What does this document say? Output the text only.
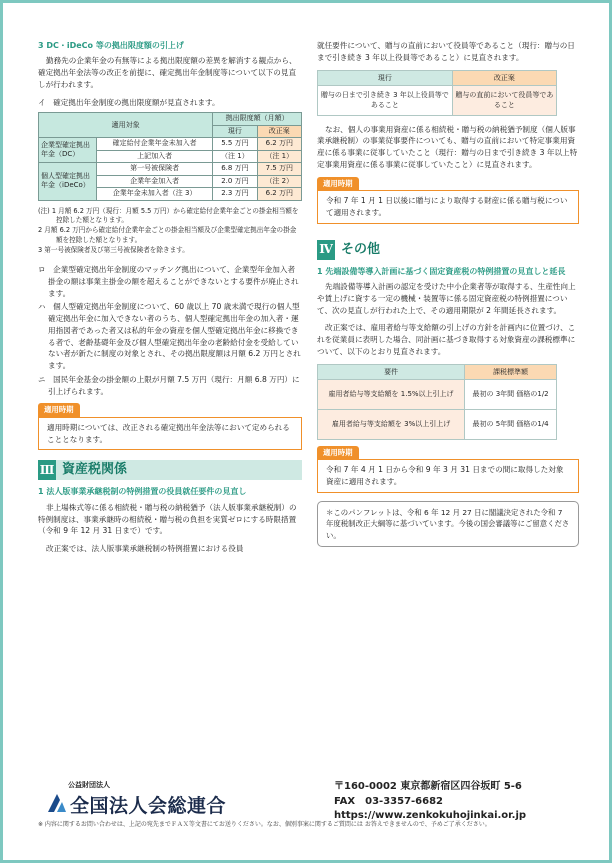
3 DC・iDeCo 等の拠出限度額の引上げ
勤務先の企業年金の有無等による拠出限度額の差異を解消する観点から、確定拠出年金法等の改正を前提に、確定拠出年金制度等について以下の見直しが行われます。
イ　確定拠出年金制度の拠出限度額が見直されます。
適用対象		拠出限度額（月額）	
		現行	改正案
企業型確定拠出年金（DC）	確定給付企業年金未加入者	5.5 万円	6.2 万円
	上記加入者	（注 1）	（注 1）
個人型確定拠出年金（iDeCo）	第一号被保険者	6.8 万円	7.5 万円
	企業年金加入者	2.0 万円	（注 2）
	企業年金未加入者（注 3）	2.3 万円	6.2 万円
(注) 1 月額 6.2 万円（現行：月額 5.5 万円）から確定給付企業年金ごとの掛金相当額を控除した額となります。
2 月額 6.2 万円から確定給付企業年金ごとの掛金相当額及び企業型確定拠出年金の掛金額を控除した額となります。
3 第一号被保険者及び第三号被保険者を除きます。
ロ　企業型確定拠出年金制度のマッチング拠出について、企業型年金加入者掛金の額は事業主掛金の額を超えることができないとする要件が廃止されます。
ハ　個人型確定拠出年金制度について、60 歳以上 70 歳未満で現行の個人型確定拠出年金に加入できない者のうち、個人型確定拠出年金の加入者・運用指図者であった者又は私的年金の資産を個人型確定拠出年金に移換できる者で、老齢基礎年金及び個人型確定拠出年金の老齢給付金を受給していない者が新たに制度の対象とされ、その拠出限度額は月額 6.2 万円とされます。
ニ　国民年金基金の掛金額の上限が月額 7.5 万円（現行：月額 6.8 万円）に引上げられます。
適用時期
適用時期については、改正される確定拠出年金法等において定められることとなります。
Ⅲ 資産税関係
1 法人版事業承継税制の特例措置の役員就任要件の見直し
非上場株式等に係る相続税・贈与税の納税猶予（法人版事業承継税制）の特例制度は、事業承継時の相続税・贈与税の負担を実質ゼロにする時限措置（令和 9 年 12 月 31 日まで）です。
改正案では、法人版事業承継税制の特例措置における役員
就任要件について、贈与の直前において役員等であること（現行：贈与の日まで引き続き 3 年以上役員等であること）に見直されます。
現行	改正案
贈与の日まで引き続き 3 年以上役員等であること	贈与の直前において役員等であること
なお、個人の事業用資産に係る相続税・贈与税の納税猶予制度（個人版事業承継税制）の事業従事要件についても、贈与の直前において特定事業用資産に係る事業に従事していたこと（現行：贈与の日まで引き続き 3 年以上特定事業用資産に係る事業に従事していたこと）に見直されます。
適用時期
令和 7 年 1 月 1 日以後に贈与により取得する財産に係る贈与税について適用されます。
Ⅳ その他
1 先端設備等導入計画に基づく固定資産税の特例措置の見直しと延長
先端設備等導入計画の認定を受けた中小企業者等が取得する、生産性向上や賃上げに資する一定の機械・装置等に係る固定資産税の特例措置について、次の見直しが行われた上で、その適用期限が 2 年間延長されます。
改正案では、雇用者給与等支給額の引上げの方針を計画内に位置づけ、これを従業員に表明した場合、同計画に基づき取得する対象資産の課税標準について、以下のとおり見直されます。
要件	課税標準額
雇用者給与等支給額を 1.5%以上引上げ	最初の 3年間 価格の1/2
雇用者給与等支給額を 3%以上引上げ	最初の 5年間 価格の1/4
適用時期
令和 7 年 4 月 1 日から令和 9 年 3 月 31 日までの間に取得した対象資産に適用されます。
＊このパンフレットは、令和 6 年 12 月 27 日に閣議決定された令和 7 年度税制改正大綱等に基づいています。今後の国会審議等にご留意ください。
公益財団法人
全国法人会総連合
〒160-0002 東京都新宿区四谷坂町 5-6
FAX　03-3357-6682
https://www.zenkokuhojinkai.or.jp
※ 内容に関するお問い合わせは、上記の宛先までＦＡＸ等文書にてお送りください。なお、個別事案に関するご質問には お答えできませんので、予めご了承ください。
